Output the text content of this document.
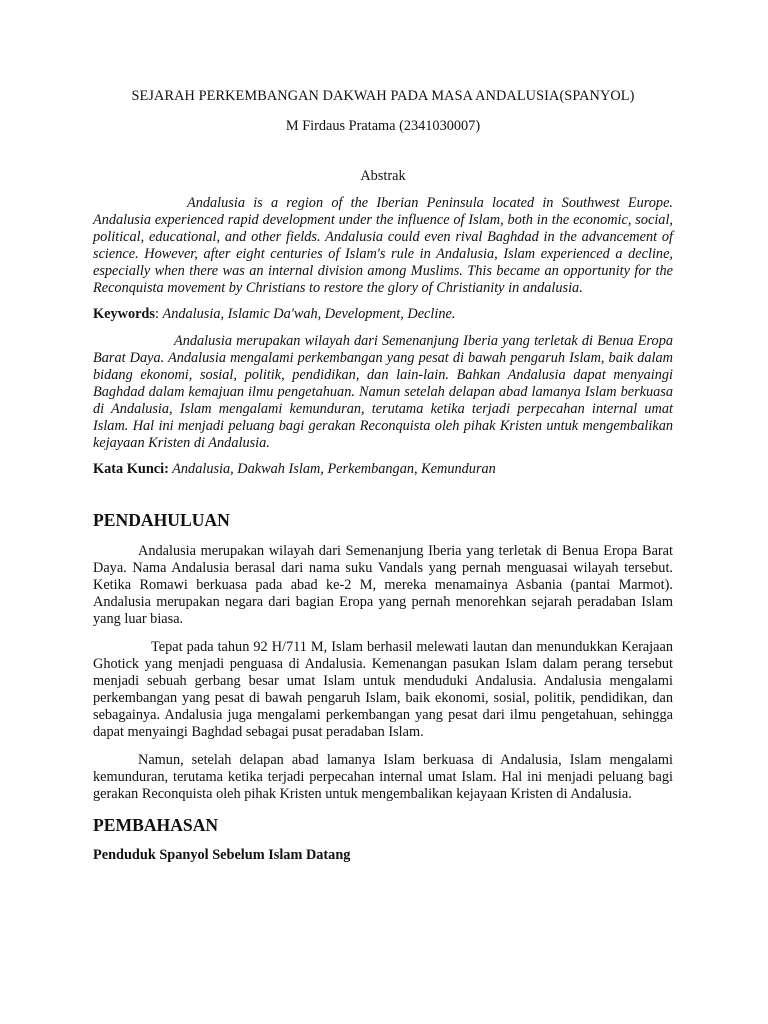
SEJARAH PERKEMBANGAN DAKWAH PADA MASA ANDALUSIA(SPANYOL)

M Firdaus Pratama (2341030007)

Abstrak

Andalusia is a region of the Iberian Peninsula located in Southwest Europe. Andalusia experienced rapid development under the influence of Islam, both in the economic, social, political, educational, and other fields. Andalusia could even rival Baghdad in the advancement of science. However, after eight centuries of Islam's rule in Andalusia, Islam experienced a decline, especially when there was an internal division among Muslims. This became an opportunity for the Reconquista movement by Christians to restore the glory of Christianity in andalusia.

Keywords: Andalusia, Islamic Da'wah, Development, Decline.

Andalusia merupakan wilayah dari Semenanjung Iberia yang terletak di Benua Eropa Barat Daya. Andalusia mengalami perkembangan yang pesat di bawah pengaruh Islam, baik dalam bidang ekonomi, sosial, politik, pendidikan, dan lain-lain. Bahkan Andalusia dapat menyaingi Baghdad dalam kemajuan ilmu pengetahuan. Namun setelah delapan abad lamanya Islam berkuasa di Andalusia, Islam mengalami kemunduran, terutama ketika terjadi perpecahan internal umat Islam. Hal ini menjadi peluang bagi gerakan Reconquista oleh pihak Kristen untuk mengembalikan kejayaan Kristen di Andalusia.

Kata Kunci: Andalusia, Dakwah Islam, Perkembangan, Kemunduran

PENDAHULUAN

Andalusia merupakan wilayah dari Semenanjung Iberia yang terletak di Benua Eropa Barat Daya. Nama Andalusia berasal dari nama suku Vandals yang pernah menguasai wilayah tersebut. Ketika Romawi berkuasa pada abad ke-2 M, mereka menamainya Asbania (pantai Marmot). Andalusia merupakan negara dari bagian Eropa yang pernah menorehkan sejarah peradaban Islam yang luar biasa.

Tepat pada tahun 92 H/711 M, Islam berhasil melewati lautan dan menundukkan Kerajaan Ghotick yang menjadi penguasa di Andalusia. Kemenangan pasukan Islam dalam perang tersebut menjadi sebuah gerbang besar umat Islam untuk menduduki Andalusia. Andalusia mengalami perkembangan yang pesat di bawah pengaruh Islam, baik ekonomi, sosial, politik, pendidikan, dan sebagainya. Andalusia juga mengalami perkembangan yang pesat dari ilmu pengetahuan, sehingga dapat menyaingi Baghdad sebagai pusat peradaban Islam.

Namun, setelah delapan abad lamanya Islam berkuasa di Andalusia, Islam mengalami kemunduran, terutama ketika terjadi perpecahan internal umat Islam. Hal ini menjadi peluang bagi gerakan Reconquista oleh pihak Kristen untuk mengembalikan kejayaan Kristen di Andalusia.

PEMBAHASAN

Penduduk Spanyol Sebelum Islam Datang
